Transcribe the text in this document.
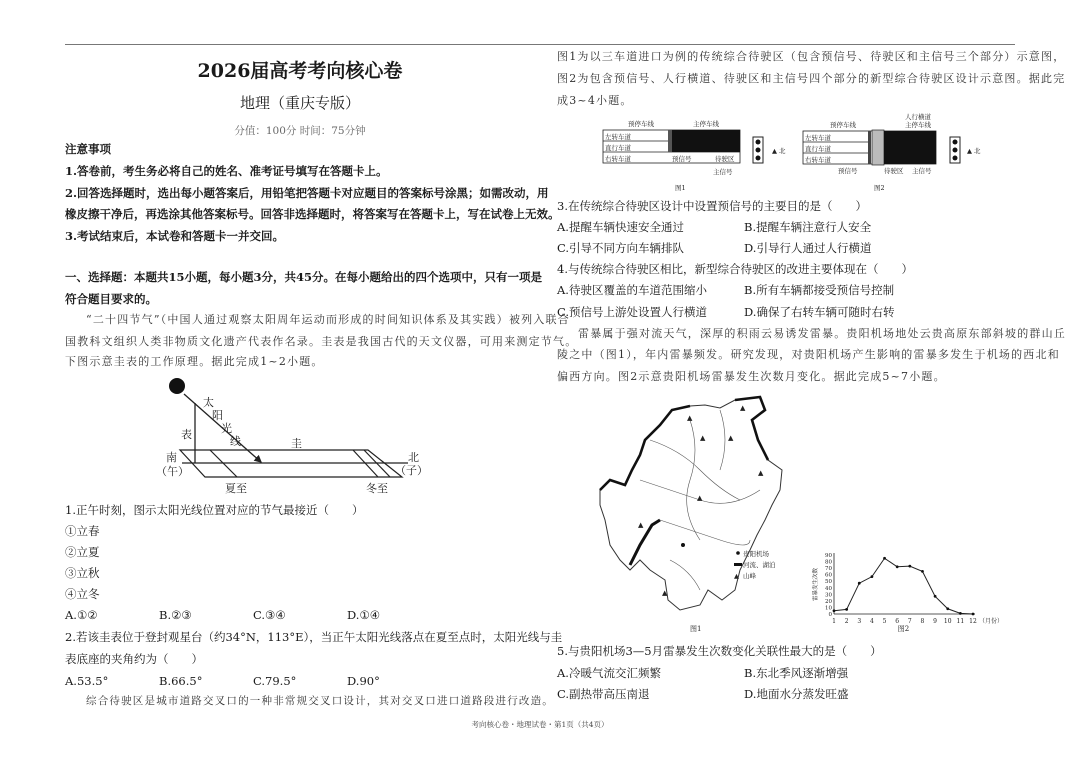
2026届高考考向核心卷
地理（重庆专版）
分值：100分 时间：75分钟
注意事项
1.答卷前，考生务必将自己的姓名、准考证号填写在答题卡上。
2.回答选择题时，选出每小题答案后，用铅笔把答题卡对应题目的答案标号涂黑；如需改动，用
橡皮擦干净后，再选涂其他答案标号。回答非选择题时，将答案写在答题卡上，写在试卷上无效。
3.考试结束后，本试卷和答题卡一并交回。
一、选择题：本题共15小题，每小题3分，共45分。在每小题给出的四个选项中，只有一项是
符合题目要求的。
“二十四节气”（中国人通过观察太阳周年运动而形成的时间知识体系及其实践）被列入联合
国教科文组织人类非物质文化遗产代表作名录。圭表是我国古代的天文仪器，可用来测定节气。
下图示意圭表的工作原理。据此完成1~2小题。
太
阳
光
线
表
圭
南
（午）
北
（子）
夏至	冬至
1.正午时刻，图示太阳光线位置对应的节气最接近（　　）
①立春
②立夏
③立秋
④立冬
A.①②	B.②③	C.③④	D.①④
2.若该圭表位于登封观星台（约34°N，113°E），当正午太阳光线落点在夏至点时，太阳光线与圭
表底座的夹角约为（　　）
A.53.5°	B.66.5°	C.79.5°	D.90°
综合待驶区是城市道路交叉口的一种非常规交叉口设计，其对交叉口进口道路段进行改造。
图1为以三车道进口为例的传统综合待驶区（包含预信号、待驶区和主信号三个部分）示意图，
图2为包含预信号、人行横道、待驶区和主信号四个部分的新型综合待驶区设计示意图。据此完
成3~4小题。
▲ 北
预停车线	主停车线
左转车道
直行车道
右转车道	预信号	待驶区
主信号
图1
▲ 北
人行横道
主停车线
预停车线
左转车道
直行车道
右转车道
预信号	待驶区 主信号
图2
3.在传统综合待驶区设计中设置预信号的主要目的是（　　）
A.提醒车辆快速安全通过	B.提醒车辆注意行人安全
C.引导不同方向车辆排队	D.引导行人通过人行横道
4.与传统综合待驶区相比，新型综合待驶区的改进主要体现在（　　）
A.待驶区覆盖的车道范围缩小	B.所有车辆都接受预信号控制
C.预信号上游处设置人行横道	D.确保了右转车辆可随时右转
雷暴属于强对流天气，深厚的积雨云易诱发雷暴。贵阳机场地处云贵高原东部斜坡的群山丘
陵之中（图1），年内雷暴频发。研究发现，对贵阳机场产生影响的雷暴多发生于机场的西北和
偏西方向。图2示意贵阳机场雷暴发生次数月变化。据此完成5~7小题。
▲
▲	▲
▲
▲
▲
▲
▲
贵阳机场
河流、湖泊
▲ 山峰
图1
0
10
20
30
40
50
60
70
80
90
1 2 3 4 5 6 7 8 9 10 11 12 （月份）
雷暴发生次数
图2
5.与贵阳机场3—5月雷暴发生次数变化关联性最大的是（　　）
A.冷暖气流交汇频繁	B.东北季风逐渐增强
C.副热带高压南退	D.地面水分蒸发旺盛
考向核心卷・地理试卷・第1页（共4页）
